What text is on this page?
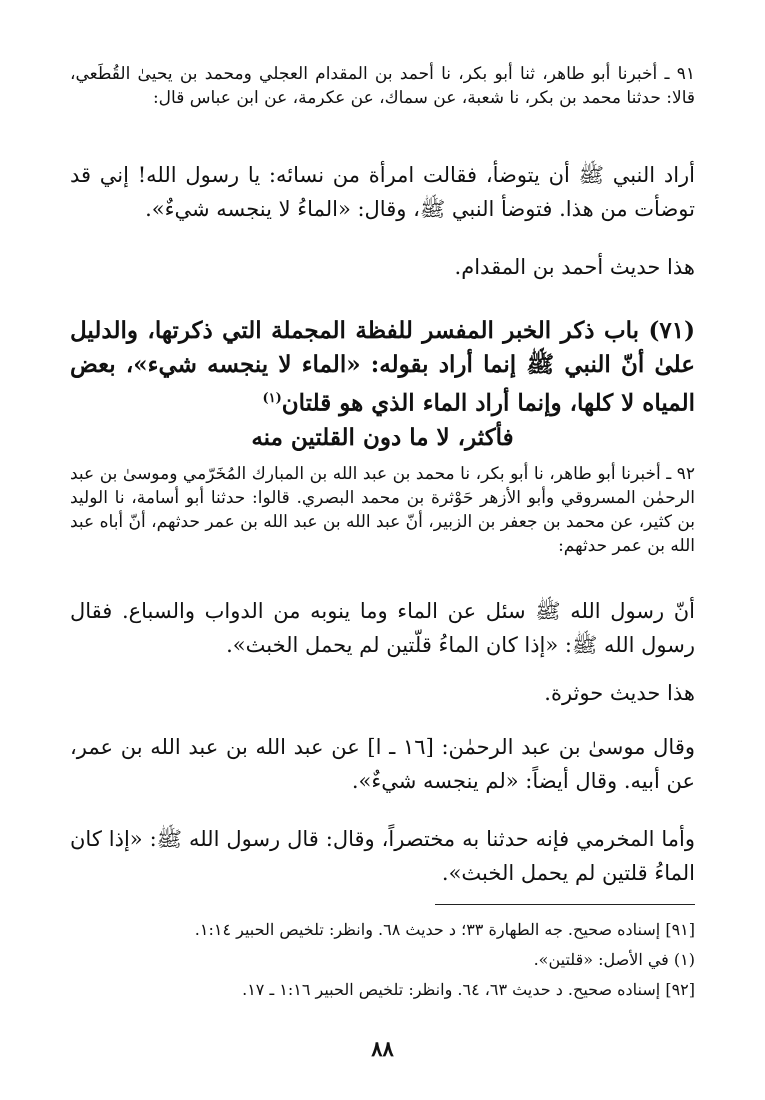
٩١ ـ أخبرنا أبو طاهر، ثنا أبو بكر، نا أحمد بن المقدام العجلي ومحمد بن يحيىٰ القُطَعي، قالا: حدثنا محمد بن بكر، نا شعبة، عن سماك، عن عكرمة، عن ابن عباس قال:
أراد النبي ﷺ أن يتوضأ، فقالت امرأة من نسائه: يا رسول الله! إني قد توضأت من هذا. فتوضأ النبي ﷺ، وقال: «الماءُ لا ينجسه شيءٌ».
هذا حديث أحمد بن المقدام.
(٧١) باب ذكر الخبر المفسر للفظة المجملة التي ذكرتها، والدليل علىٰ أنّ النبي ﷺ إنما أراد بقوله: «الماء لا ينجسه شيء»، بعض المياه لا كلها، وإنما أراد الماء الذي هو قلتان$^{(١)}$
فأكثر، لا ما دون القلتين منه
٩٢ ـ أخبرنا أبو طاهر، نا أبو بكر، نا محمد بن عبد الله بن المبارك المُخَرّمي وموسىٰ بن عبد الرحمٰن المسروقي وأبو الأزهر حَوْثرة بن محمد البصري. قالوا: حدثنا أبو أسامة، نا الوليد بن كثير، عن محمد بن جعفر بن الزبير، أنّ عبد الله بن عبد الله بن عمر حدثهم، أنّ أباه عبد الله بن عمر حدثهم:
أنّ رسول الله ﷺ سئل عن الماء وما ينوبه من الدواب والسباع. فقال رسول الله ﷺ: «إذا كان الماءُ قلّتين لم يحمل الخبث».
هذا حديث حوثرة.
وقال موسىٰ بن عبد الرحمٰن: [١٦ ـ ا] عن عبد الله بن عبد الله بن عمر، عن أبيه. وقال أيضاً: «لم ينجسه شيءٌ».
وأما المخرمي فإنه حدثنا به مختصراً، وقال: قال رسول الله ﷺ: «إذا كان الماءُ قلتين لم يحمل الخبث».
[٩١] إسناده صحيح. جه الطهارة ٣٣؛ د حديث ٦٨. وانظر: تلخيص الحبير ١:١٤.
(١) في الأصل: «قلتين».
[٩٢] إسناده صحيح. د حديث ٦٣، ٦٤. وانظر: تلخيص الحبير ١:١٦ ـ ١٧.
٨٨
